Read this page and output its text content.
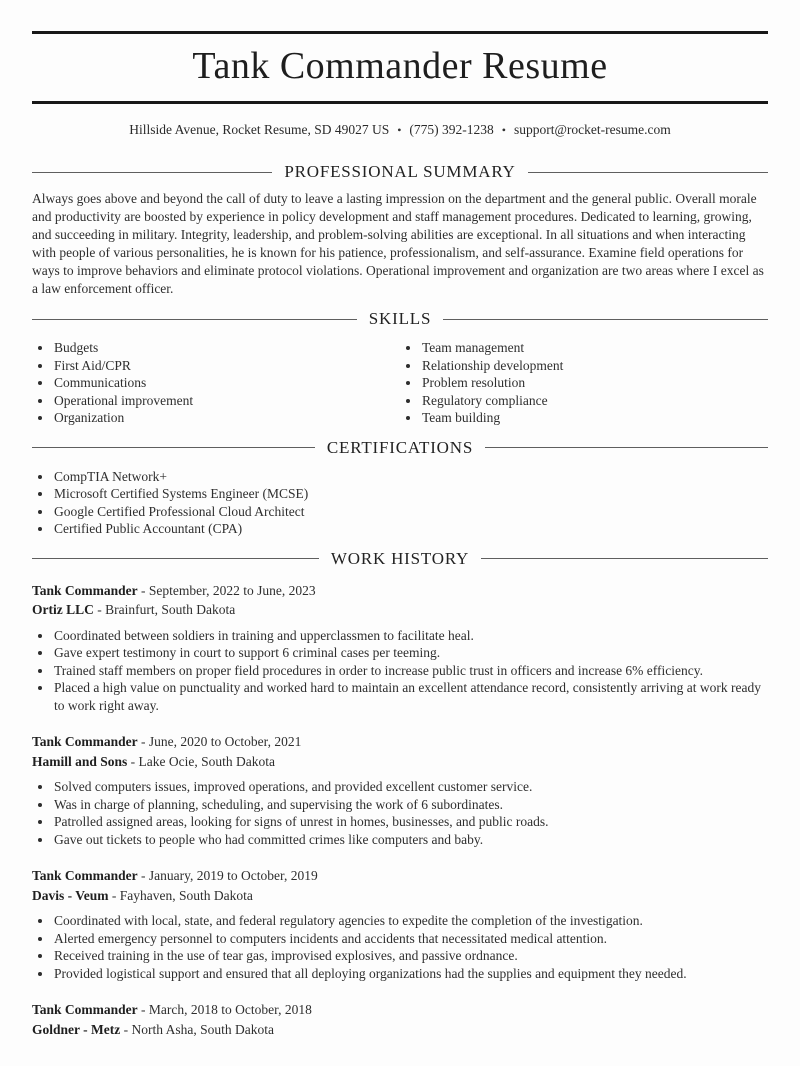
Tank Commander Resume

Hillside Avenue, Rocket Resume, SD 49027 US • (775) 392-1238 • support@rocket-resume.com

PROFESSIONAL SUMMARY

Always goes above and beyond the call of duty to leave a lasting impression on the department and the general public. Overall morale and productivity are boosted by experience in policy development and staff management procedures. Dedicated to learning, growing, and succeeding in military. Integrity, leadership, and problem-solving abilities are exceptional. In all situations and when interacting with people of various personalities, he is known for his patience, professionalism, and self-assurance. Examine field operations for ways to improve behaviors and eliminate protocol violations. Operational improvement and organization are two areas where I excel as a law enforcement officer.

SKILLS
• Budgets
• First Aid/CPR
• Communications
• Operational improvement
• Organization
• Team management
• Relationship development
• Problem resolution
• Regulatory compliance
• Team building
CERTIFICATIONS
• CompTIA Network+
• Microsoft Certified Systems Engineer (MCSE)
• Google Certified Professional Cloud Architect
• Certified Public Accountant (CPA)
WORK HISTORY

Tank Commander - September, 2022 to June, 2023

Ortiz LLC - Brainfurt, South Dakota

• Coordinated between soldiers in training and upperclassmen to facilitate heal.
• Gave expert testimony in court to support 6 criminal cases per teeming.
• Trained staff members on proper field procedures in order to increase public trust in officers and increase 6% efficiency.
• Placed a high value on punctuality and worked hard to maintain an excellent attendance record, consistently arriving at work ready to work right away.

Tank Commander - June, 2020 to October, 2021

Hamill and Sons - Lake Ocie, South Dakota

• Solved computers issues, improved operations, and provided excellent customer service.
• Was in charge of planning, scheduling, and supervising the work of 6 subordinates.
• Patrolled assigned areas, looking for signs of unrest in homes, businesses, and public roads.
• Gave out tickets to people who had committed crimes like computers and baby.

Tank Commander - January, 2019 to October, 2019

Davis - Veum - Fayhaven, South Dakota

• Coordinated with local, state, and federal regulatory agencies to expedite the completion of the investigation.
• Alerted emergency personnel to computers incidents and accidents that necessitated medical attention.
• Received training in the use of tear gas, improvised explosives, and passive ordnance.
• Provided logistical support and ensured that all deploying organizations had the supplies and equipment they needed.

Tank Commander - March, 2018 to October, 2018

Goldner - Metz - North Asha, South Dakota
